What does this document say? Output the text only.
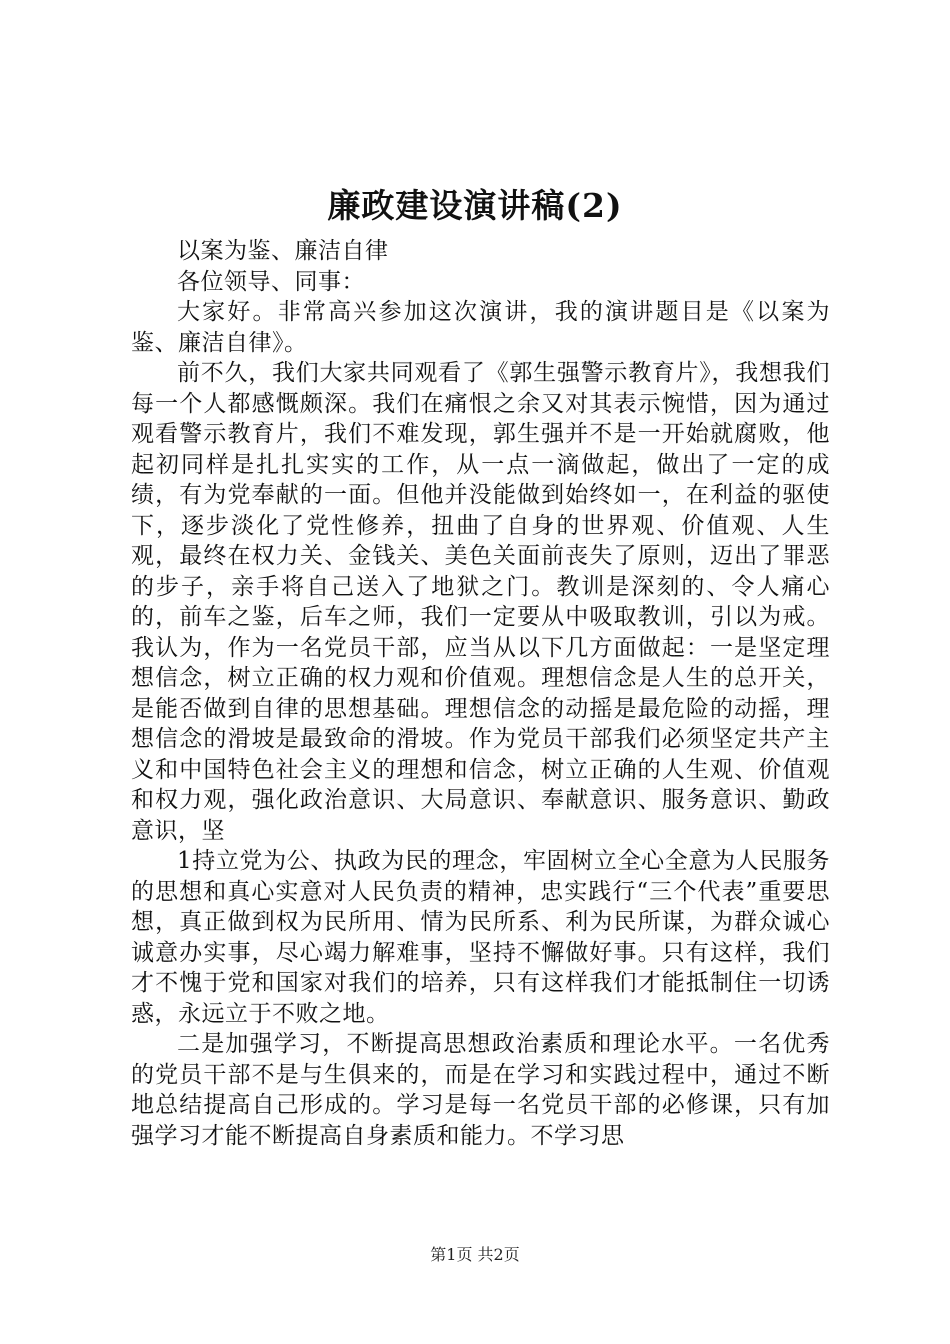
廉政建设演讲稿(2)

以案为鉴、廉洁自律

各位领导、同事：

大家好。非常高兴参加这次演讲，我的演讲题目是《以案为鉴、廉洁自律》。

前不久，我们大家共同观看了《郭生强警示教育片》，我想我们每一个人都感慨颇深。我们在痛恨之余又对其表示惋惜，因为通过观看警示教育片，我们不难发现，郭生强并不是一开始就腐败，他起初同样是扎扎实实的工作，从一点一滴做起，做出了一定的成绩，有为党奉献的一面。但他并没能做到始终如一，在利益的驱使下，逐步淡化了党性修养，扭曲了自身的世界观、价值观、人生观，最终在权力关、金钱关、美色关面前丧失了原则，迈出了罪恶的步子，亲手将自己送入了地狱之门。教训是深刻的、令人痛心的，前车之鉴，后车之师，我们一定要从中吸取教训，引以为戒。我认为，作为一名党员干部，应当从以下几方面做起：一是坚定理想信念，树立正确的权力观和价值观。理想信念是人生的总开关，是能否做到自律的思想基础。理想信念的动摇是最危险的动摇，理想信念的滑坡是最致命的滑坡。作为党员干部我们必须坚定共产主义和中国特色社会主义的理想和信念，树立正确的人生观、价值观和权力观，强化政治意识、大局意识、奉献意识、服务意识、勤政意识，坚

1持立党为公、执政为民的理念，牢固树立全心全意为人民服务的思想和真心实意对人民负责的精神，忠实践行“三个代表”重要思想，真正做到权为民所用、情为民所系、利为民所谋，为群众诚心诚意办实事，尽心竭力解难事，坚持不懈做好事。只有这样，我们才不愧于党和国家对我们的培养，只有这样我们才能抵制住一切诱惑，永远立于不败之地。

二是加强学习，不断提高思想政治素质和理论水平。一名优秀的党员干部不是与生俱来的，而是在学习和实践过程中，通过不断地总结提高自己形成的。学习是每一名党员干部的必修课，只有加强学习才能不断提高自身素质和能力。不学习思

第1页 共2页
